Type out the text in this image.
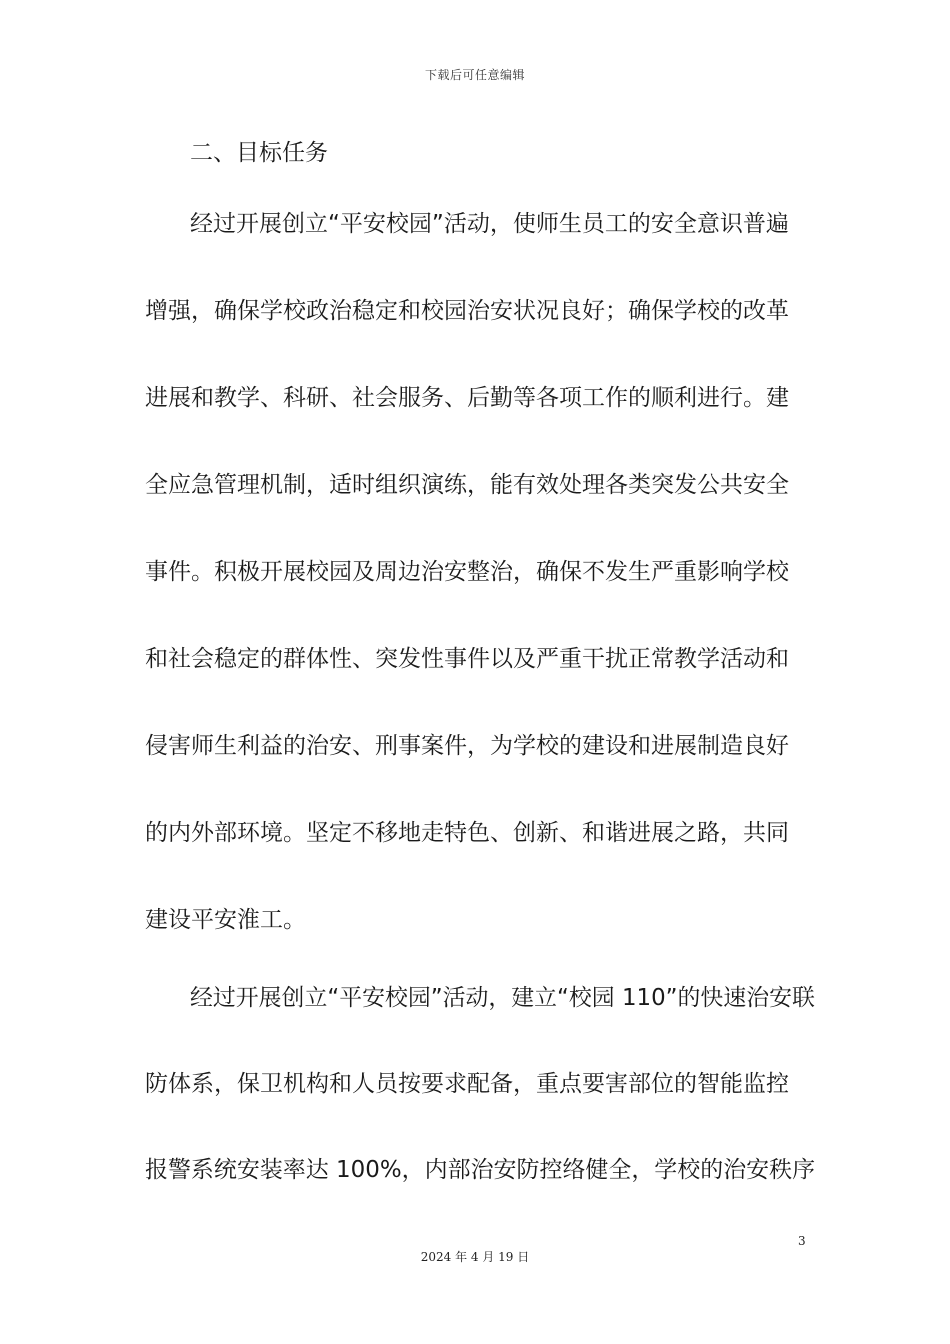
下载后可任意编辑
二、目标任务
经过开展创立“平安校园”活动，使师生员工的安全意识普遍
增强，确保学校政治稳定和校园治安状况良好；确保学校的改革
进展和教学、科研、社会服务、后勤等各项工作的顺利进行。建
全应急管理机制，适时组织演练，能有效处理各类突发公共安全
事件。积极开展校园及周边治安整治，确保不发生严重影响学校
和社会稳定的群体性、突发性事件以及严重干扰正常教学活动和
侵害师生利益的治安、刑事案件，为学校的建设和进展制造良好
的内外部环境。坚定不移地走特色、创新、和谐进展之路，共同
建设平安淮工。
经过开展创立“平安校园”活动，建立“校园 110”的快速治安联
防体系，保卫机构和人员按要求配备，重点要害部位的智能监控
报警系统安装率达 100%，内部治安防控络健全，学校的治安秩序
3
2024 年 4 月 19 日
